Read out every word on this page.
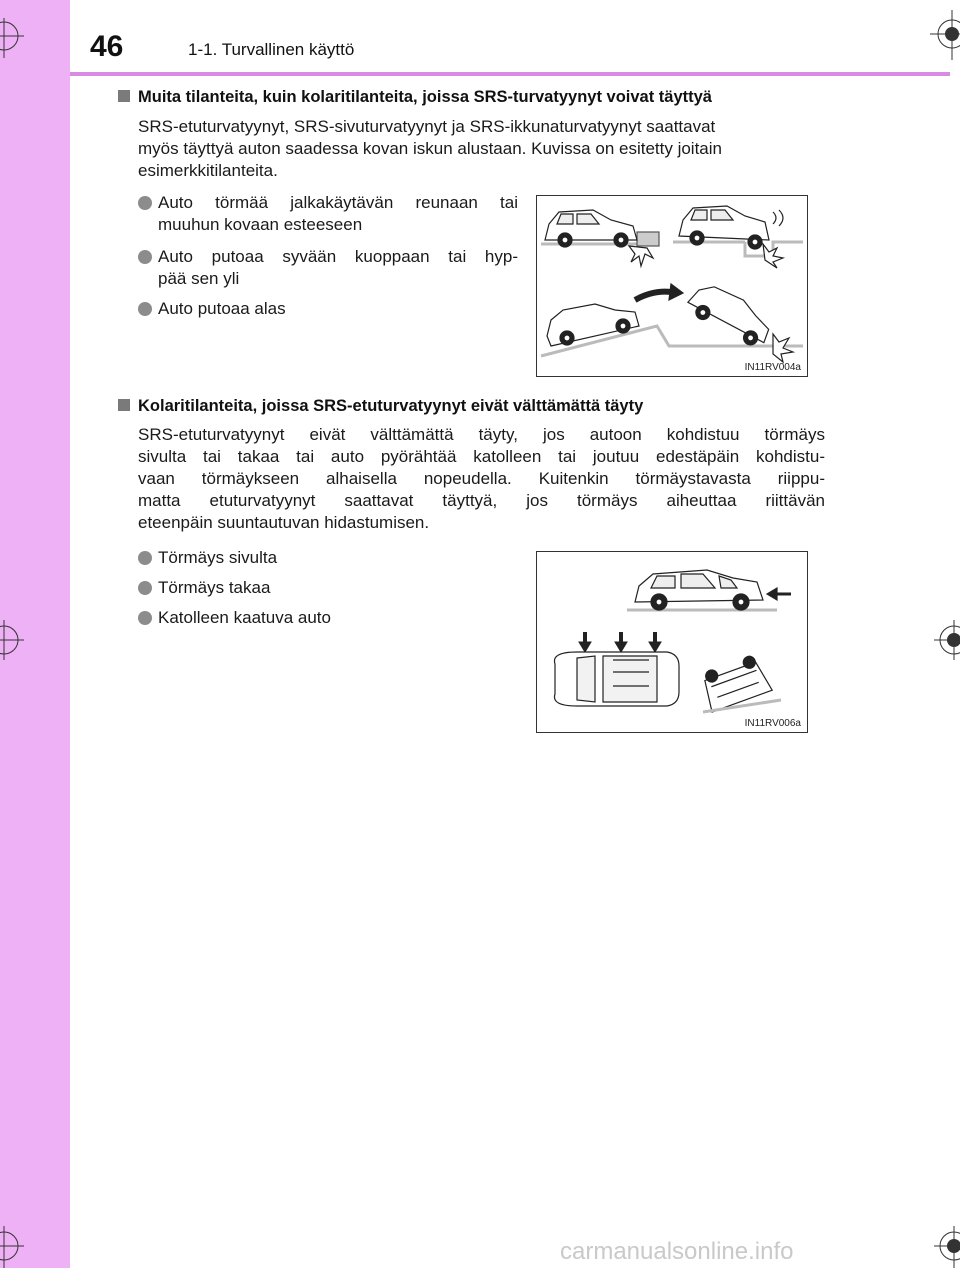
46	1-1. Turvallinen käyttö
Muita tilanteita, kuin kolaritilanteita, joissa SRS-turvatyynyt voivat täyttyä
SRS-etuturvatyynyt, SRS-sivuturvatyynyt ja SRS-ikkunaturvatyynyt saattavat
myös täyttyä auton saadessa kovan iskun alustaan. Kuvissa on esitetty joitain
esimerkkitilanteita.
Auto törmää jalkakäytävän reunaan tai
muuhun kovaan esteeseen
Auto putoaa syvään kuoppaan tai hyp-
pää sen yli
Auto putoaa alas
IN11RV004a
Kolaritilanteita, joissa SRS-etuturvatyynyt eivät välttämättä täyty
SRS-etuturvatyynyt eivät välttämättä täyty, jos autoon kohdistuu törmäys
sivulta tai takaa tai auto pyörähtää katolleen tai joutuu edestäpäin kohdistu-
vaan törmäykseen alhaisella nopeudella. Kuitenkin törmäystavasta riippu-
matta etuturvatyynyt saattavat täyttyä, jos törmäys aiheuttaa riittävän
eteenpäin suuntautuvan hidastumisen.
Törmäys sivulta
Törmäys takaa
Katolleen kaatuva auto
IN11RV006a
carmanualsonline.info
